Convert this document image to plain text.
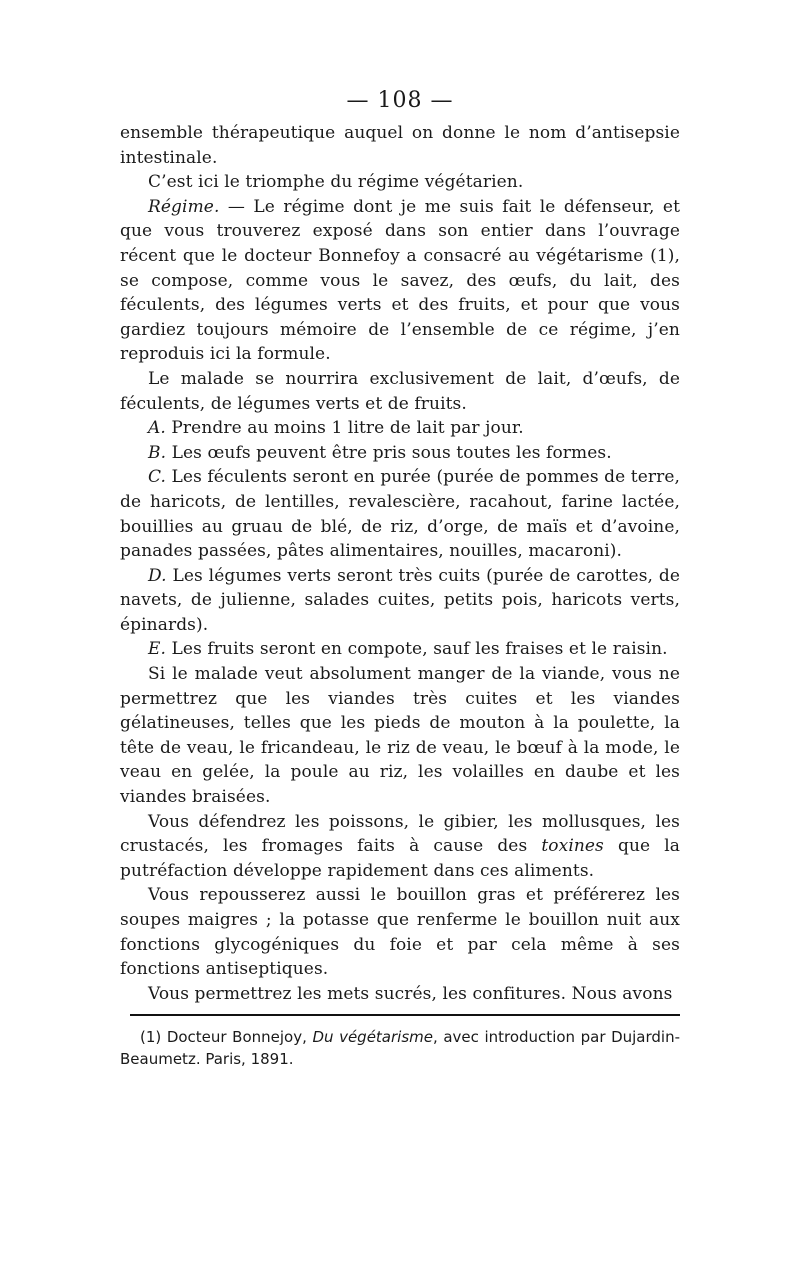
— 108 —

ensemble thérapeutique auquel on donne le nom d’antisepsie intestinale.

C’est ici le triomphe du régime végétarien.

Régime. — Le régime dont je me suis fait le défenseur, et que vous trouverez exposé dans son entier dans l’ouvrage récent que le docteur Bonnefoy a consacré au végétarisme (1), se compose, comme vous le savez, des œufs, du lait, des féculents, des légumes verts et des fruits, et pour que vous gardiez toujours mémoire de l’ensemble de ce régime, j’en reproduis ici la formule.

Le malade se nourrira exclusivement de lait, d’œufs, de féculents, de légumes verts et de fruits.

A. Prendre au moins 1 litre de lait par jour.

B. Les œufs peuvent être pris sous toutes les formes.

C. Les féculents seront en purée (purée de pommes de terre, de haricots, de lentilles, revalescière, racahout, farine lactée, bouillies au gruau de blé, de riz, d’orge, de maïs et d’avoine, panades passées, pâtes alimentaires, nouilles, macaroni).

D. Les légumes verts seront très cuits (purée de carottes, de navets, de julienne, salades cuites, petits pois, haricots verts, épinards).

E. Les fruits seront en compote, sauf les fraises et le raisin.

Si le malade veut absolument manger de la viande, vous ne permettrez que les viandes très cuites et les viandes gélatineuses, telles que les pieds de mouton à la poulette, la tête de veau, le fricandeau, le riz de veau, le bœuf à la mode, le veau en gelée, la poule au riz, les volailles en daube et les viandes braisées.

Vous défendrez les poissons, le gibier, les mollusques, les crustacés, les fromages faits à cause des toxines que la putréfaction développe rapidement dans ces aliments.

Vous repousserez aussi le bouillon gras et préférerez les soupes maigres ; la potasse que renferme le bouillon nuit aux fonctions glycogéniques du foie et par cela même à ses fonctions antiseptiques.

Vous permettrez les mets sucrés, les confitures. Nous avons

(1) Docteur Bonnejoy, Du végétarisme, avec introduction par Dujardin-Beaumetz. Paris, 1891.
